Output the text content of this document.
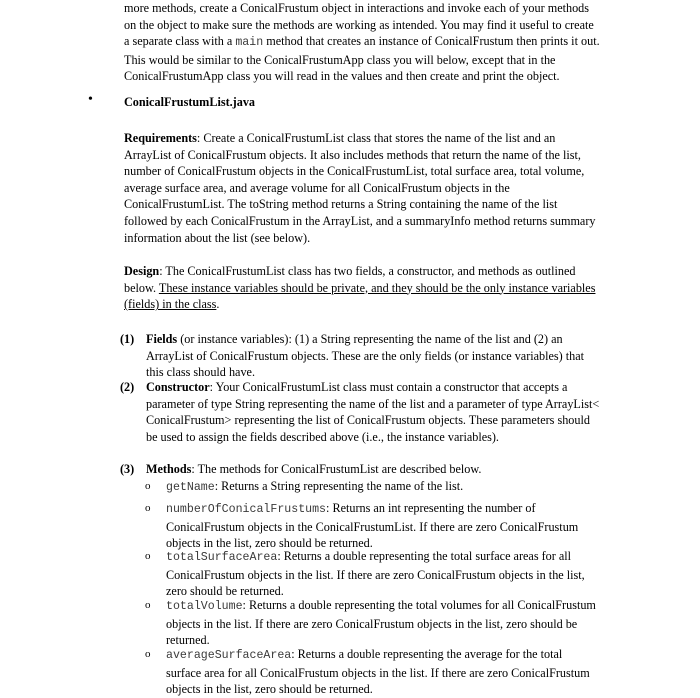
more methods, create a ConicalFrustum object in interactions and invoke each of your methods
on the object to make sure the methods are working as intended. You may find it useful to create
a separate class with a main method that creates an instance of ConicalFrustum then prints it out.
This would be similar to the ConicalFrustumApp class you will below, except that in the
ConicalFrustumApp class you will read in the values and then create and print the object.
•	ConicalFrustumList.java
Requirements: Create a ConicalFrustumList class that stores the name of the list and an
ArrayList of ConicalFrustum objects. It also includes methods that return the name of the list,
number of ConicalFrustum objects in the ConicalFrustumList, total surface area, total volume,
average surface area, and average volume for all ConicalFrustum objects in the
ConicalFrustumList. The toString method returns a String containing the name of the list
followed by each ConicalFrustum in the ArrayList, and a summaryInfo method returns summary
information about the list (see below).
Design: The ConicalFrustumList class has two fields, a constructor, and methods as outlined
below. These instance variables should be private, and they should be the only instance variables
(fields) in the class.
(1) Fields (or instance variables): (1) a String representing the name of the list and (2) an
ArrayList of ConicalFrustum objects. These are the only fields (or instance variables) that
this class should have.
(2) Constructor: Your ConicalFrustumList class must contain a constructor that accepts a
parameter of type String representing the name of the list and a parameter of type ArrayList<
ConicalFrustum> representing the list of ConicalFrustum objects. These parameters should
be used to assign the fields described above (i.e., the instance variables).
(3) Methods: The methods for ConicalFrustumList are described below.
o getName: Returns a String representing the name of the list.
o numberOfConicalFrustums: Returns an int representing the number of
ConicalFrustum objects in the ConicalFrustumList. If there are zero ConicalFrustum
objects in the list, zero should be returned.
o totalSurfaceArea: Returns a double representing the total surface areas for all
ConicalFrustum objects in the list. If there are zero ConicalFrustum objects in the list,
zero should be returned.
o totalVolume: Returns a double representing the total volumes for all ConicalFrustum
objects in the list. If there are zero ConicalFrustum objects in the list, zero should be
returned.
o averageSurfaceArea: Returns a double representing the average for the total
surface area for all ConicalFrustum objects in the list. If there are zero ConicalFrustum
objects in the list, zero should be returned.
